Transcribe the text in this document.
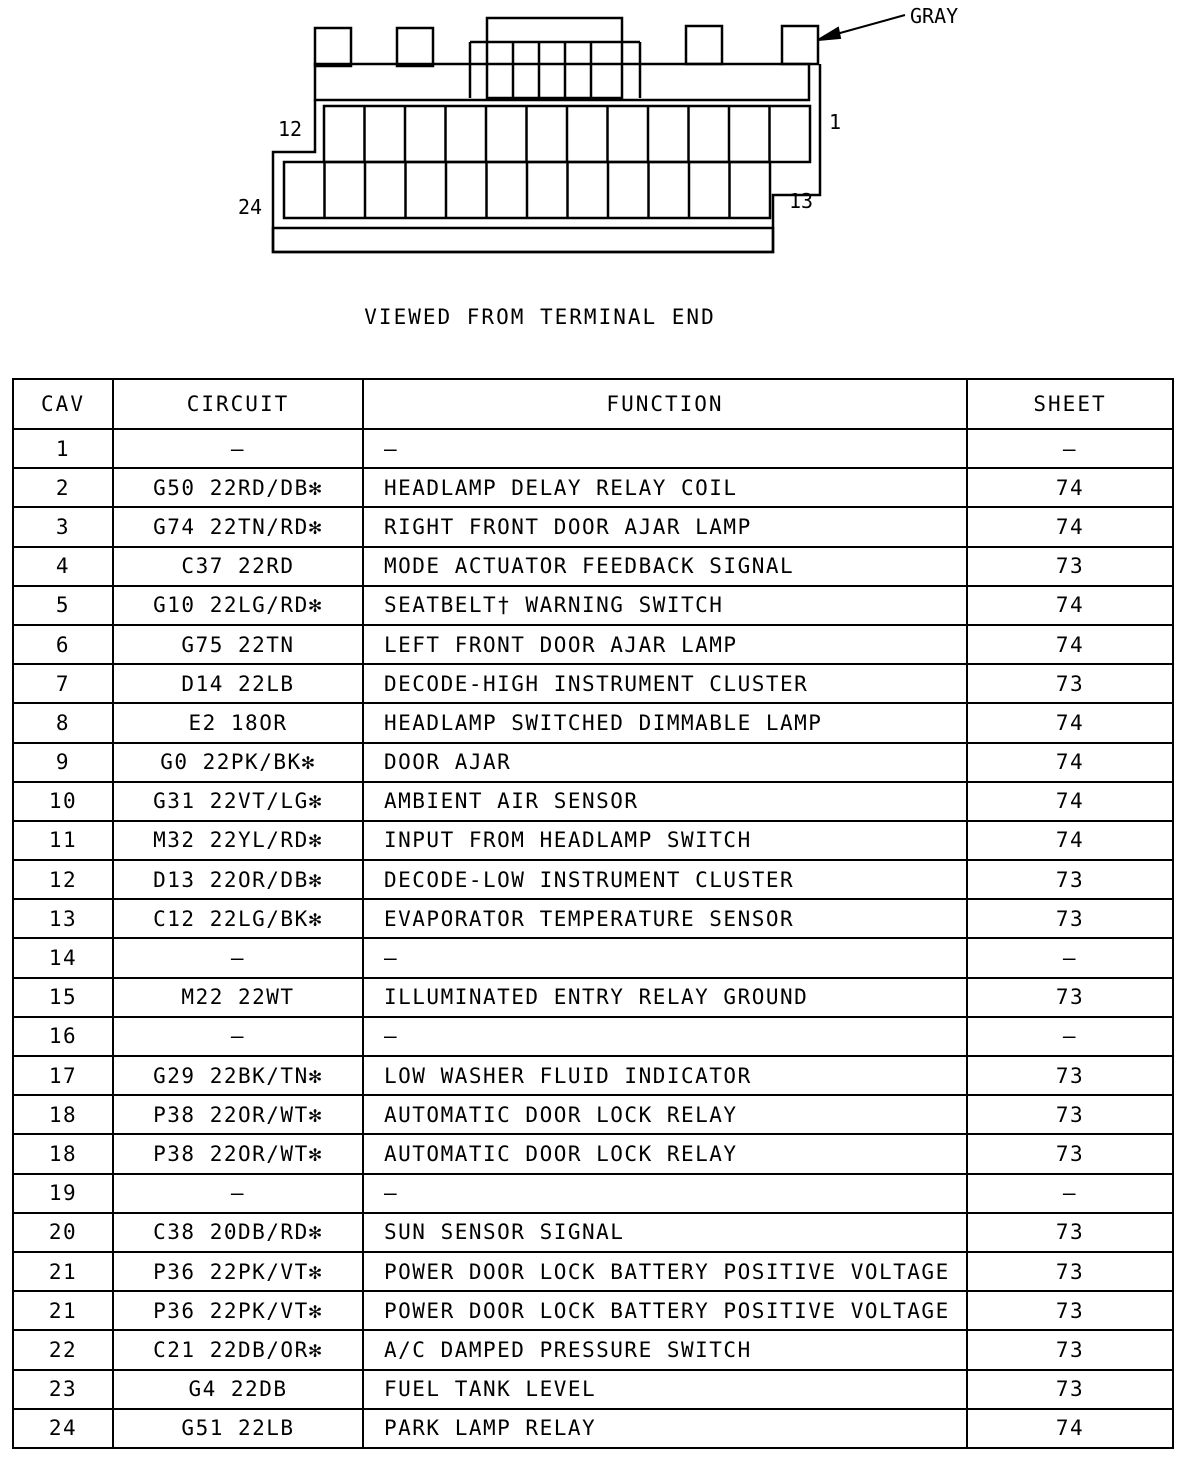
GRAY
12	1
24	13
VIEWED FROM TERMINAL END
CAV	CIRCUIT	FUNCTION	SHEET
1	—	—	—
2	G50 22RD/DB✻	HEADLAMP DELAY RELAY COIL	74
3	G74 22TN/RD✻	RIGHT FRONT DOOR AJAR LAMP	74
4	C37 22RD	MODE ACTUATOR FEEDBACK SIGNAL	73
5	G10 22LG/RD✻	SEATBELT† WARNING SWITCH	74
6	G75 22TN	LEFT FRONT DOOR AJAR LAMP	74
7	D14 22LB	DECODE-HIGH INSTRUMENT CLUSTER	73
8	E2 18OR	HEADLAMP SWITCHED DIMMABLE LAMP	74
9	G0 22PK/BK✻	DOOR AJAR	74
10	G31 22VT/LG✻	AMBIENT AIR SENSOR	74
11	M32 22YL/RD✻	INPUT FROM HEADLAMP SWITCH	74
12	D13 22OR/DB✻	DECODE-LOW INSTRUMENT CLUSTER	73
13	C12 22LG/BK✻	EVAPORATOR TEMPERATURE SENSOR	73
14	—	—	—
15	M22 22WT	ILLUMINATED ENTRY RELAY GROUND	73
16	—	—	—
17	G29 22BK/TN✻	LOW WASHER FLUID INDICATOR	73
18	P38 22OR/WT✻	AUTOMATIC DOOR LOCK RELAY	73
18	P38 22OR/WT✻	AUTOMATIC DOOR LOCK RELAY	73
19	—	—	—
20	C38 20DB/RD✻	SUN SENSOR SIGNAL	73
21	P36 22PK/VT✻	POWER DOOR LOCK BATTERY POSITIVE VOLTAGE	73
21	P36 22PK/VT✻	POWER DOOR LOCK BATTERY POSITIVE VOLTAGE	73
22	C21 22DB/OR✻	A/C DAMPED PRESSURE SWITCH	73
23	G4 22DB	FUEL TANK LEVEL	73
24	G51 22LB	PARK LAMP RELAY	74
